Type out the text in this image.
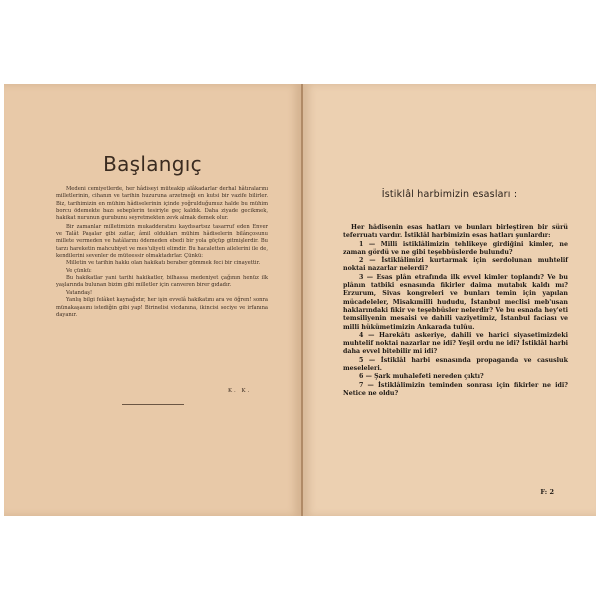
Başlangıç

Medeni cemiyetlerde, her hâdiseyi müteakip alâkadarlar derhal hâtıralarını milletlerinin, cihanın ve tarihin huzuruna arzetmeği en kutsi bir vazife bilirler. Biz, tarihimizin en mühim hâdiselerinin içinde yoğrulduğumuz halde bu mühim borcu ödemekte bazı sebeplerin tesiriyle geç kaldık. Daha ziyade gecikmek, hakikat nurunun gurubunu seyretmekten zevk almak demek olur.

Bir zamanlar milletimizin mukadderatını kaydısartsız tasarruf eden Enver ve Talât Paşalar gibi zatlar, âmil oldukları mühim hâdiselerin bilânçosunu millete vermeden ve hatâlarını ödemeden ebedi bir yola göçüp gitmişlerdir. Bu tarzı hareketin mahcubiyet ve mes'uliyeti elimdir. Bu hacaletten ailelerini ile de, kendilerini sevenler de müteessir olmaktadırlar. Çünkü:

Milletin ve tarihin hakkı olan hakikatı beraber gömmek feci bir cinayettir.

Ve çünkü:

Bu hakikatlar yani tarihi hakikatler, bilhassa medeniyet çağının henüz ilk yaşlarında bulunan bizim gibi milletler için canveren birer gıdadır.

Vatandaş!

Yanlış bilgi felâket kaynağıdır, her işin evvelâ hakikatını ara ve öğren! sonra münakaşasını istediğin gibi yap! Birinelisi vicdanına, ikincisi seciye ve irfanına dayanır.

K. K.
İstiklâl harbimizin esasları :

Her hâdisenin esas hatları ve bunları birleştiren bir sürü teferruatı vardır. İstiklâl harbimizin esas hatları şunlardır:

1 — Milli istiklâlimizin tehlikeye girdiğini kimler, ne zaman gördü ve ne gibi teşebbüslerde bulundu?

2 — İstiklâlimizi kurtarmak için serdolunan muhtelif noktai nazarlar nelerdi?

3 — Esas plân etrafında ilk evvel kimler toplandı? Ve bu plânın tatbiki esnasında fikirler daima mutabık kaldı mı? Erzurum, Sivas kongreleri ve bunları temin için yapılan mücadeleler, Misakımilli hududu, İstanbul meclisi meb'usan haklarındaki fikir ve teşebbüsler nelerdir? Ve bu esnada hey'eti temsiliyenin mesaisi ve dahili vaziyetimiz, İstanbul faciası ve milli hükümetimizin Ankarada tulûu.

4 — Harekâtı askeriye, dahili ve harici siyasetimizdeki muhtelif noktai nazarlar ne idi? Yeşil ordu ne idi? İstiklâl harbi daha evvel bitebilir mi idi?

5 — İstiklâl harbi esnasında propaganda ve casusluk meseleleri.

6 — Şark muhalefeti nereden çıktı?

7 — İstiklâlimizin teminden sonrası için fikirler ne idi? Netice ne oldu?

F: 2
